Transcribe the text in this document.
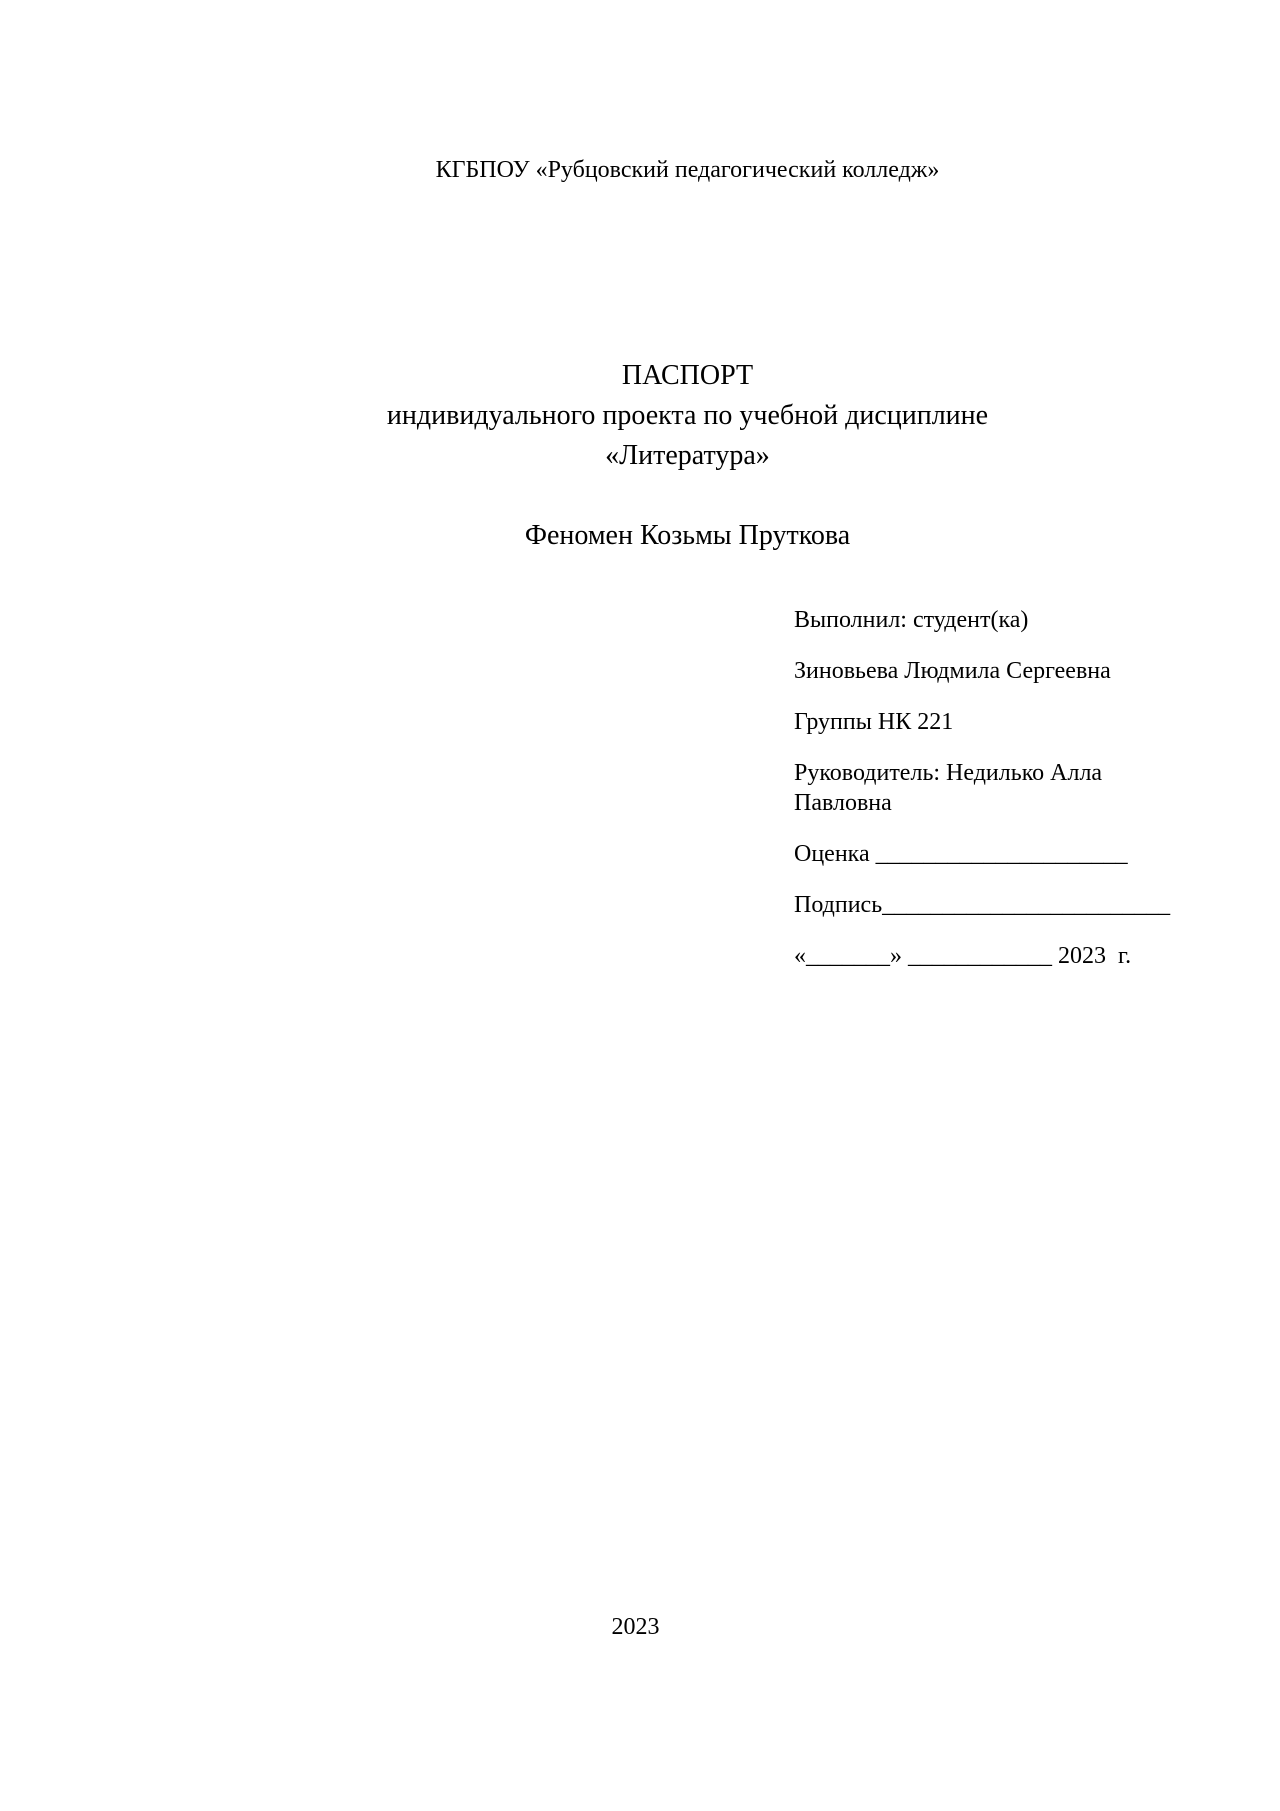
КГБПОУ «Рубцовский педагогический колледж»
ПАСПОРТ
индивидуального проекта по учебной дисциплине
«Литература»
Феномен Козьмы Пруткова
Выполнил: студент(ка)
Зиновьева Людмила Сергеевна
Группы НК 221
Руководитель: Недилько Алла
Павловна
Оценка _____________________
Подпись________________________
«_______» ____________ 2023  г.
2023
